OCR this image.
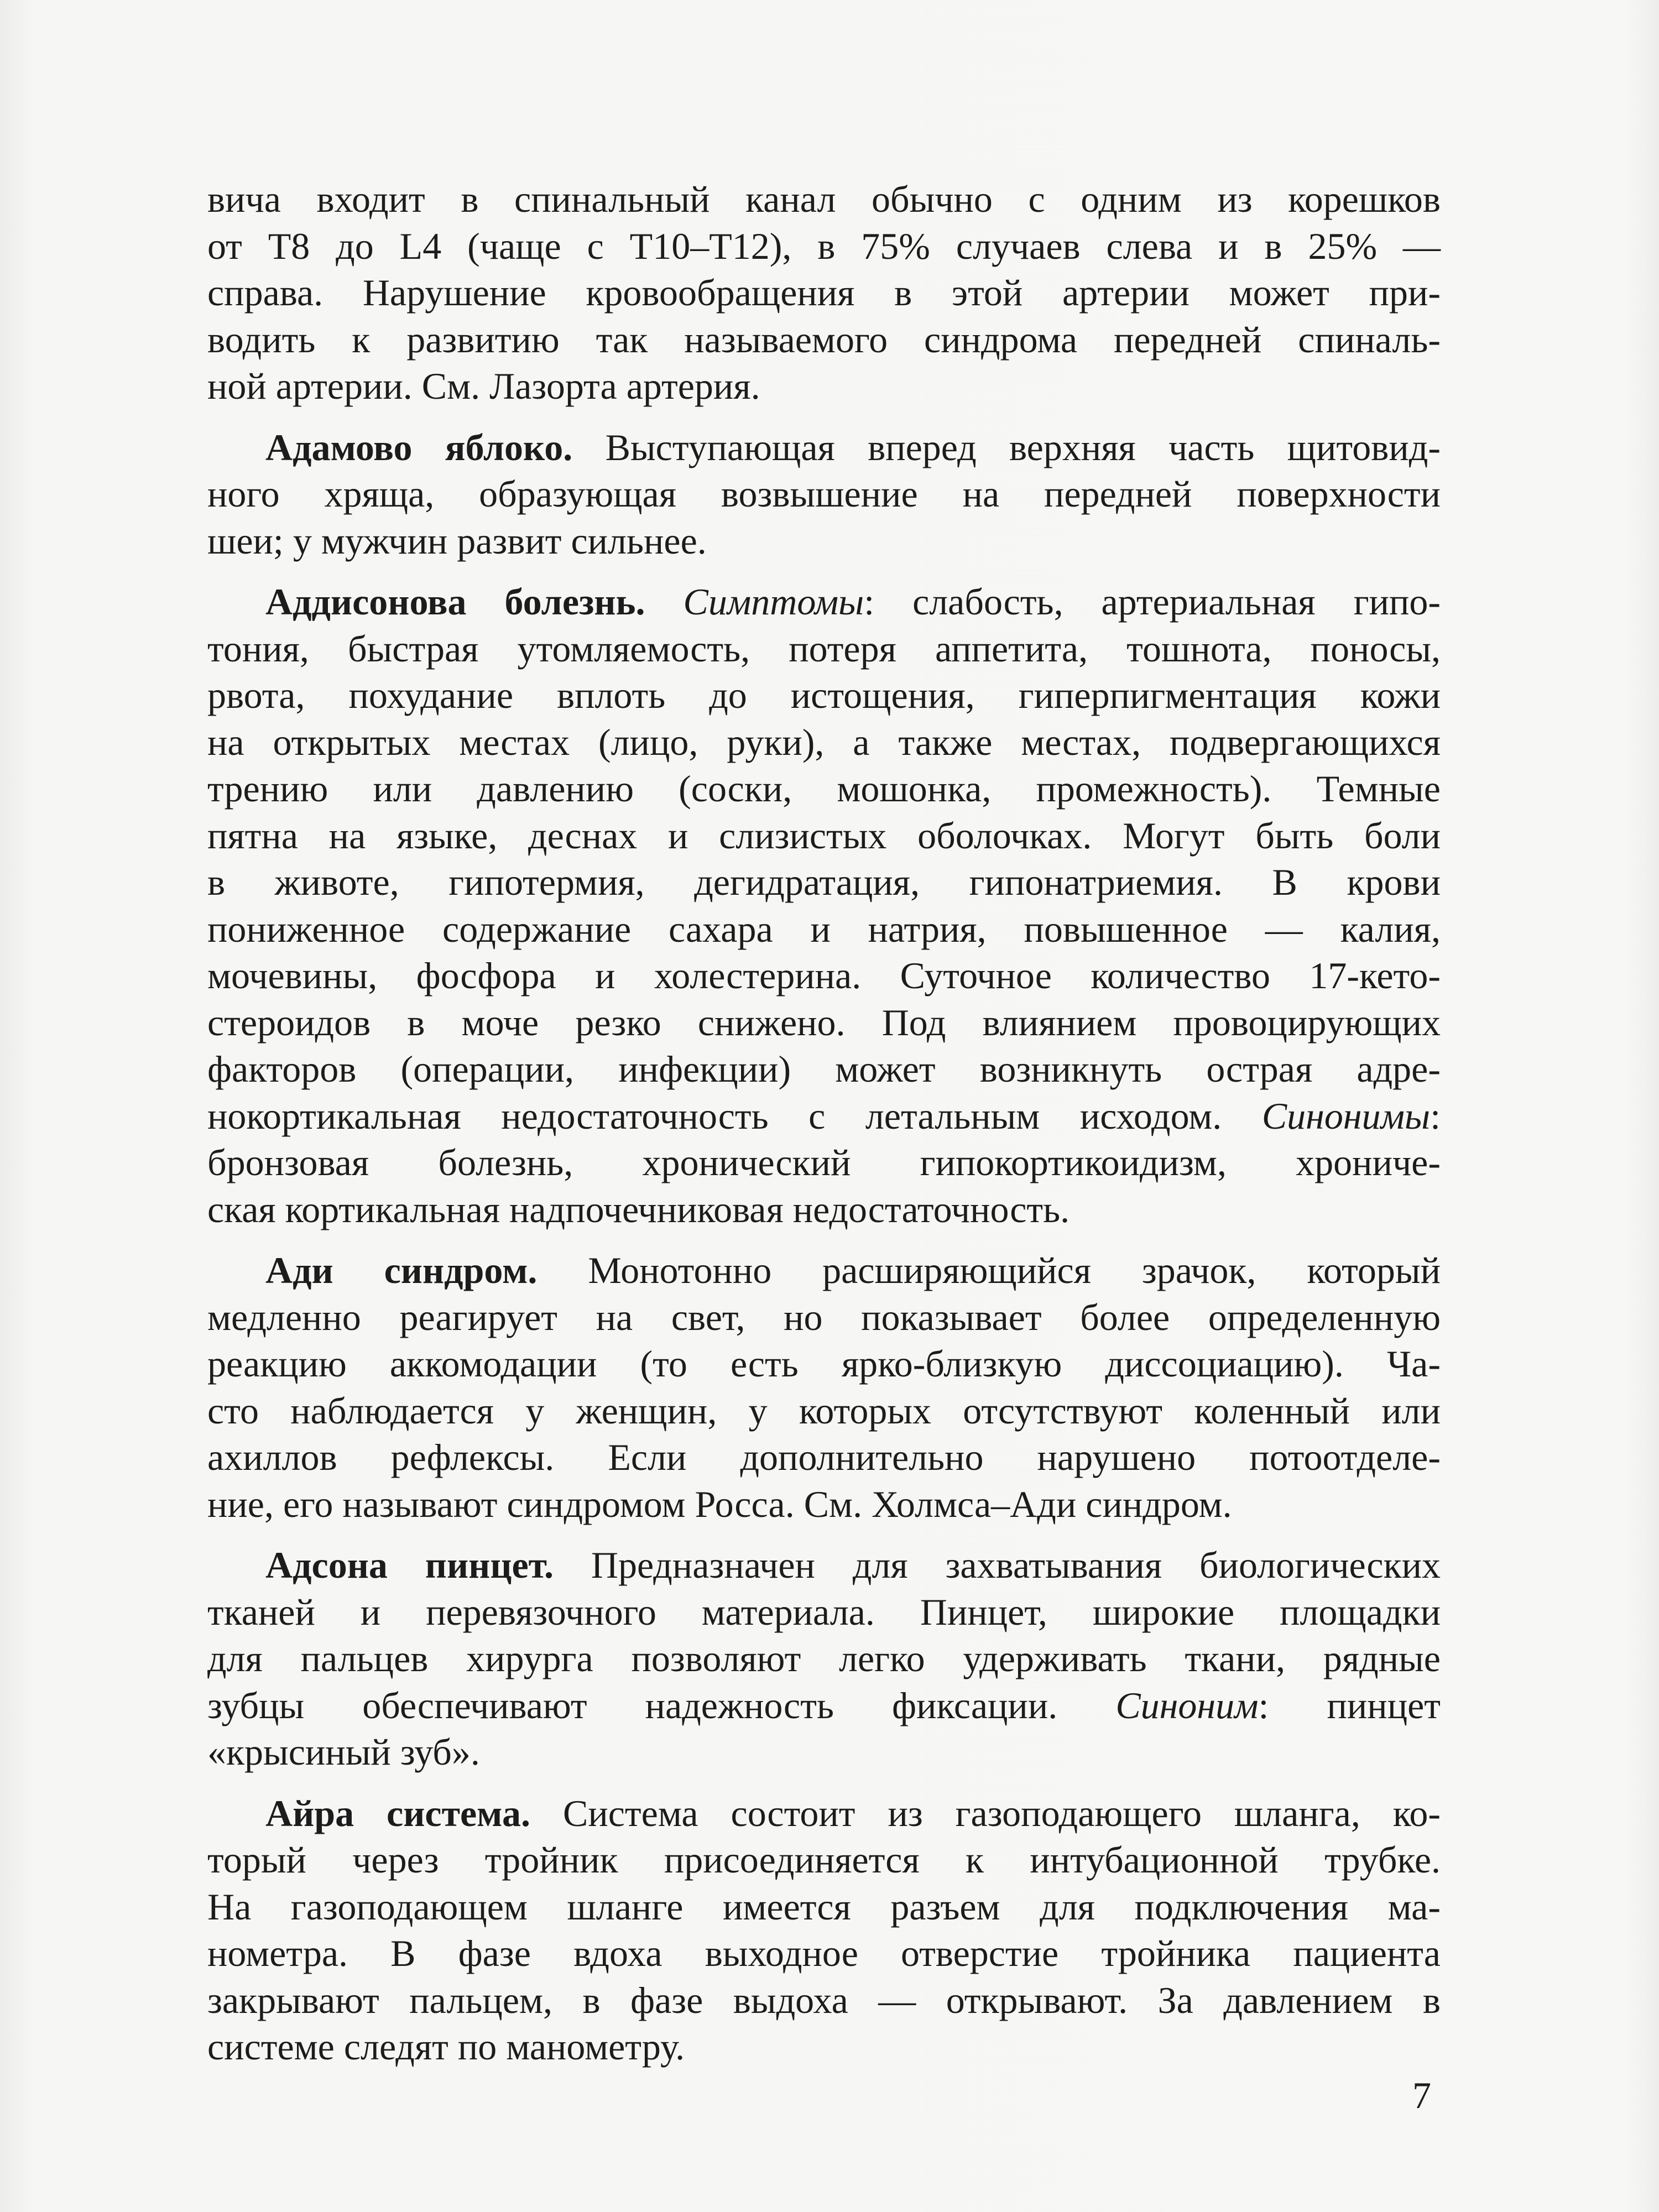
вича входит в спинальный канал обычно с одним из корешков
от T8 до L4 (чаще с T10–T12), в 75% случаев слева и в 25% —
справа. Нарушение кровообращения в этой артерии может при-
водить к развитию так называемого синдрома передней спиналь-
ной артерии. См. Лазорта артерия.
Адамово яблоко. Выступающая вперед верхняя часть щитовид-
ного хряща, образующая возвышение на передней поверхности
шеи; у мужчин развит сильнее.
Аддисонова болезнь. Симптомы: слабость, артериальная гипо-
тония, быстрая утомляемость, потеря аппетита, тошнота, поносы,
рвота, похудание вплоть до истощения, гиперпигментация кожи
на открытых местах (лицо, руки), а также местах, подвергающихся
трению или давлению (соски, мошонка, промежность). Темные
пятна на языке, деснах и слизистых оболочках. Могут быть боли
в животе, гипотермия, дегидратация, гипонатриемия. В крови
пониженное содержание сахара и натрия, повышенное — калия,
мочевины, фосфора и холестерина. Суточное количество 17-кето-
стероидов в моче резко снижено. Под влиянием провоцирующих
факторов (операции, инфекции) может возникнуть острая адре-
нокортикальная недостаточность с летальным исходом. Синонимы:
бронзовая болезнь, хронический гипокортикоидизм, хрониче-
ская кортикальная надпочечниковая недостаточность.
Ади синдром. Монотонно расширяющийся зрачок, который
медленно реагирует на свет, но показывает более определенную
реакцию аккомодации (то есть ярко-близкую диссоциацию). Ча-
сто наблюдается у женщин, у которых отсутствуют коленный или
ахиллов рефлексы. Если дополнительно нарушено потоотделе-
ние, его называют синдромом Росса. См. Холмса–Ади синдром.
Адсона пинцет. Предназначен для захватывания биологических
тканей и перевязочного материала. Пинцет, широкие площадки
для пальцев хирурга позволяют легко удерживать ткани, рядные
зубцы обеспечивают надежность фиксации. Синоним: пинцет
«крысиный зуб».
Айра система. Система состоит из газоподающего шланга, ко-
торый через тройник присоединяется к интубационной трубке.
На газоподающем шланге имеется разъем для подключения ма-
нометра. В фазе вдоха выходное отверстие тройника пациента
закрывают пальцем, в фазе выдоха — открывают. За давлением в
системе следят по манометру.
7
